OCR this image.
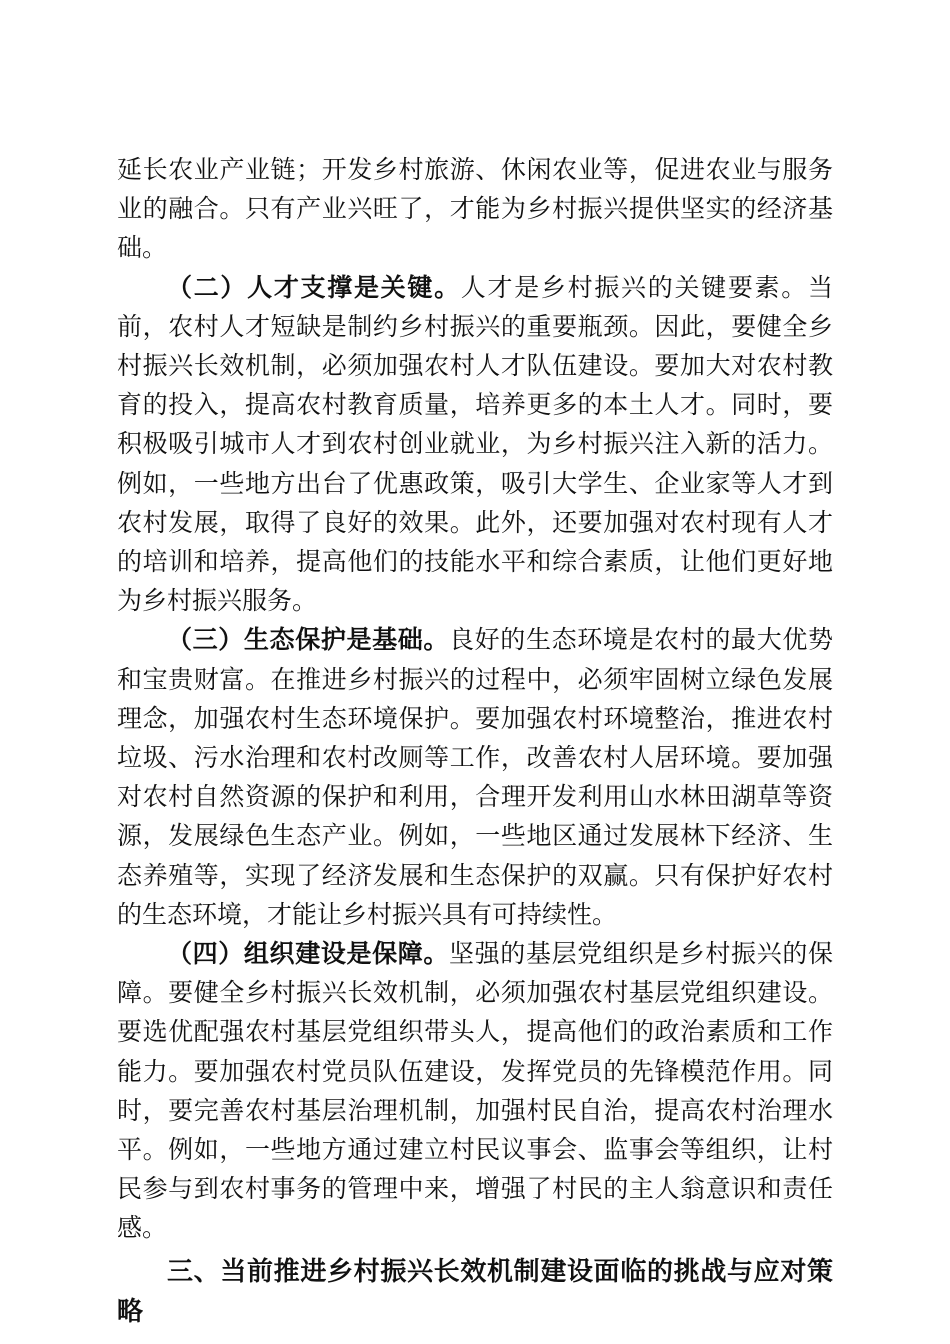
延长农业产业链；开发乡村旅游、休闲农业等，促进农业与服务业的融合。只有产业兴旺了，才能为乡村振兴提供坚实的经济基础。

（二）人才支撑是关键。人才是乡村振兴的关键要素。当前，农村人才短缺是制约乡村振兴的重要瓶颈。因此，要健全乡村振兴长效机制，必须加强农村人才队伍建设。要加大对农村教育的投入，提高农村教育质量，培养更多的本土人才。同时，要积极吸引城市人才到农村创业就业，为乡村振兴注入新的活力。例如，一些地方出台了优惠政策，吸引大学生、企业家等人才到农村发展，取得了良好的效果。此外，还要加强对农村现有人才的培训和培养，提高他们的技能水平和综合素质，让他们更好地为乡村振兴服务。

（三）生态保护是基础。良好的生态环境是农村的最大优势和宝贵财富。在推进乡村振兴的过程中，必须牢固树立绿色发展理念，加强农村生态环境保护。要加强农村环境整治，推进农村垃圾、污水治理和农村改厕等工作，改善农村人居环境。要加强对农村自然资源的保护和利用，合理开发利用山水林田湖草等资源，发展绿色生态产业。例如，一些地区通过发展林下经济、生态养殖等，实现了经济发展和生态保护的双赢。只有保护好农村的生态环境，才能让乡村振兴具有可持续性。

（四）组织建设是保障。坚强的基层党组织是乡村振兴的保障。要健全乡村振兴长效机制，必须加强农村基层党组织建设。要选优配强农村基层党组织带头人，提高他们的政治素质和工作能力。要加强农村党员队伍建设，发挥党员的先锋模范作用。同时，要完善农村基层治理机制，加强村民自治，提高农村治理水平。例如，一些地方通过建立村民议事会、监事会等组织，让村民参与到农村事务的管理中来，增强了村民的主人翁意识和责任感。

三、当前推进乡村振兴长效机制建设面临的挑战与应对策略
